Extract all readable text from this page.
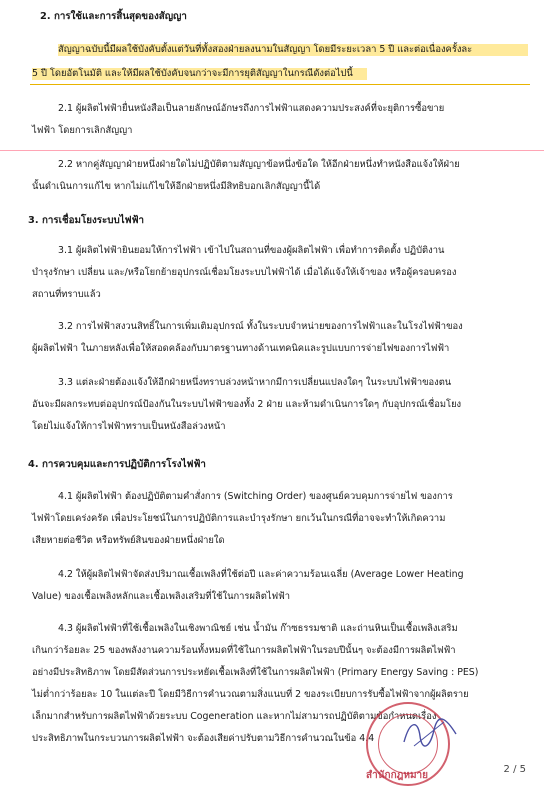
2. การใช้และการสิ้นสุดของสัญญา
สัญญาฉบับนี้มีผลใช้บังคับตั้งแต่วันที่ทั้งสองฝ่ายลงนามในสัญญา โดยมีระยะเวลา 5 ปี และต่อเนื่องครั้งละ
5 ปี โดยอัตโนมัติ และให้มีผลใช้บังคับจนกว่าจะมีการยุติสัญญาในกรณีดังต่อไปนี้
2.1 ผู้ผลิตไฟฟ้ายื่นหนังสือเป็นลายลักษณ์อักษรถึงการไฟฟ้าแสดงความประสงค์ที่จะยุติการซื้อขาย
ไฟฟ้า โดยการเลิกสัญญา
2.2 หากคู่สัญญาฝ่ายหนึ่งฝ่ายใดไม่ปฏิบัติตามสัญญาข้อหนึ่งข้อใด ให้อีกฝ่ายหนึ่งทำหนังสือแจ้งให้ฝ่าย
นั้นดำเนินการแก้ไข หากไม่แก้ไขให้อีกฝ่ายหนึ่งมีสิทธิบอกเลิกสัญญานี้ได้
3. การเชื่อมโยงระบบไฟฟ้า
3.1 ผู้ผลิตไฟฟ้ายินยอมให้การไฟฟ้า เข้าไปในสถานที่ของผู้ผลิตไฟฟ้า เพื่อทำการติดตั้ง ปฏิบัติงาน
บำรุงรักษา เปลี่ยน และ/หรือโยกย้ายอุปกรณ์เชื่อมโยงระบบไฟฟ้าได้ เมื่อได้แจ้งให้เจ้าของ หรือผู้ครอบครอง
สถานที่ทราบแล้ว
3.2 การไฟฟ้าสงวนสิทธิ์ในการเพิ่มเติมอุปกรณ์ ทั้งในระบบจำหน่ายของการไฟฟ้าและในโรงไฟฟ้าของ
ผู้ผลิตไฟฟ้า ในภายหลังเพื่อให้สอดคล้องกับมาตรฐานทางด้านเทคนิคและรูปแบบการจ่ายไฟของการไฟฟ้า
3.3 แต่ละฝ่ายต้องแจ้งให้อีกฝ่ายหนึ่งทราบล่วงหน้าหากมีการเปลี่ยนแปลงใดๆ ในระบบไฟฟ้าของตน
อันจะมีผลกระทบต่ออุปกรณ์ป้องกันในระบบไฟฟ้าของทั้ง 2 ฝ่าย และห้ามดำเนินการใดๆ กับอุปกรณ์เชื่อมโยง
โดยไม่แจ้งให้การไฟฟ้าทราบเป็นหนังสือล่วงหน้า
4. การควบคุมและการปฏิบัติการโรงไฟฟ้า
4.1 ผู้ผลิตไฟฟ้า ต้องปฏิบัติตามคำสั่งการ (Switching Order) ของศูนย์ควบคุมการจ่ายไฟ ของการ
ไฟฟ้าโดยเคร่งครัด เพื่อประโยชน์ในการปฏิบัติการและบำรุงรักษา ยกเว้นในกรณีที่อาจจะทำให้เกิดความ
เสียหายต่อชีวิต หรือทรัพย์สินของฝ่ายหนึ่งฝ่ายใด
4.2 ให้ผู้ผลิตไฟฟ้าจัดส่งปริมาณเชื้อเพลิงที่ใช้ต่อปี และค่าความร้อนเฉลี่ย (Average Lower Heating
Value) ของเชื้อเพลิงหลักและเชื้อเพลิงเสริมที่ใช้ในการผลิตไฟฟ้า
4.3 ผู้ผลิตไฟฟ้าที่ใช้เชื้อเพลิงในเชิงพาณิชย์ เช่น น้ำมัน ก๊าซธรรมชาติ และถ่านหินเป็นเชื้อเพลิงเสริม
เกินกว่าร้อยละ 25 ของพลังงานความร้อนทั้งหมดที่ใช้ในการผลิตไฟฟ้าในรอบปีนั้นๆ จะต้องมีการผลิตไฟฟ้า
อย่างมีประสิทธิภาพ โดยมีสัดส่วนการประหยัดเชื้อเพลิงที่ใช้ในการผลิตไฟฟ้า (Primary Energy Saving : PES)
ไม่ต่ำกว่าร้อยละ 10 ในแต่ละปี โดยมีวิธีการคำนวณตามสิ่งแนบที่ 2 ของระเบียบการรับซื้อไฟฟ้าจากผู้ผลิตราย
เล็กมากสำหรับการผลิตไฟฟ้าด้วยระบบ Cogeneration และหากไม่สามารถปฏิบัติตามข้อกำหนดเรื่อง
ประสิทธิภาพในกระบวนการผลิตไฟฟ้า จะต้องเสียค่าปรับตามวิธีการคำนวณในข้อ 4.4
สำนักกฎหมาย
2 / 5
